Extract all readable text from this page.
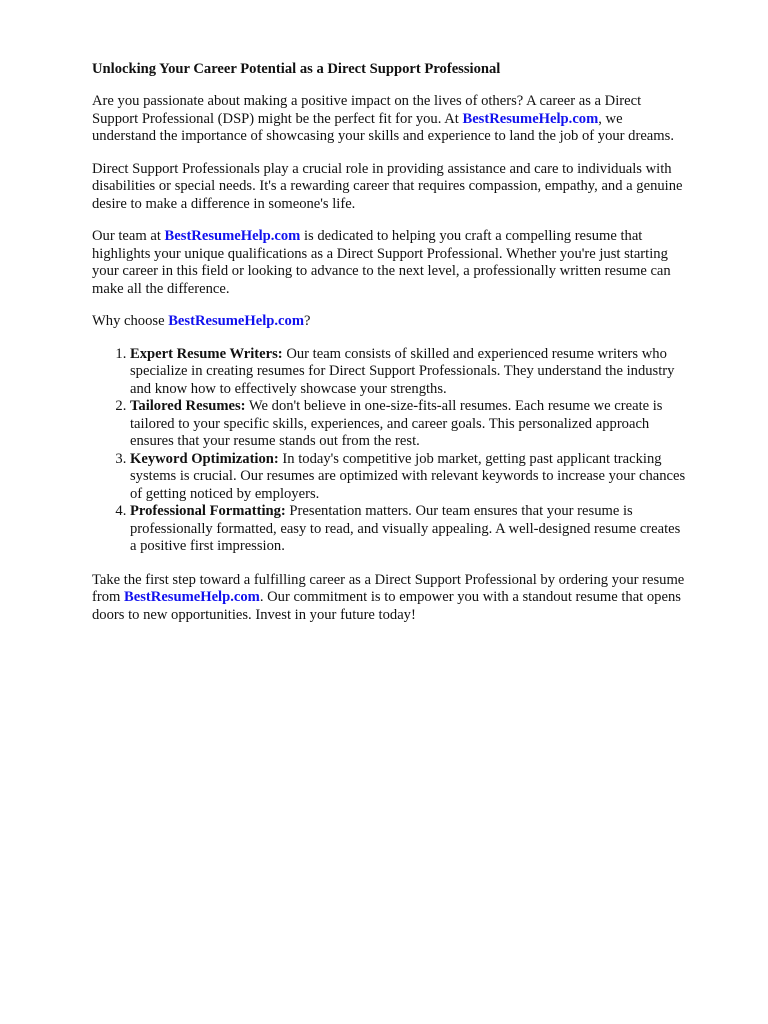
Unlocking Your Career Potential as a Direct Support Professional

Are you passionate about making a positive impact on the lives of others? A career as a Direct Support Professional (DSP) might be the perfect fit for you. At BestResumeHelp.com, we understand the importance of showcasing your skills and experience to land the job of your dreams.

Direct Support Professionals play a crucial role in providing assistance and care to individuals with disabilities or special needs. It's a rewarding career that requires compassion, empathy, and a genuine desire to make a difference in someone's life.

Our team at BestResumeHelp.com is dedicated to helping you craft a compelling resume that highlights your unique qualifications as a Direct Support Professional. Whether you're just starting your career in this field or looking to advance to the next level, a professionally written resume can make all the difference.

Why choose BestResumeHelp.com?

1. Expert Resume Writers: Our team consists of skilled and experienced resume writers who specialize in creating resumes for Direct Support Professionals. They understand the industry and know how to effectively showcase your strengths.
2. Tailored Resumes: We don't believe in one-size-fits-all resumes. Each resume we create is tailored to your specific skills, experiences, and career goals. This personalized approach ensures that your resume stands out from the rest.
3. Keyword Optimization: In today's competitive job market, getting past applicant tracking systems is crucial. Our resumes are optimized with relevant keywords to increase your chances of getting noticed by employers.
4. Professional Formatting: Presentation matters. Our team ensures that your resume is professionally formatted, easy to read, and visually appealing. A well-designed resume creates a positive first impression.

Take the first step toward a fulfilling career as a Direct Support Professional by ordering your resume from BestResumeHelp.com. Our commitment is to empower you with a standout resume that opens doors to new opportunities. Invest in your future today!
